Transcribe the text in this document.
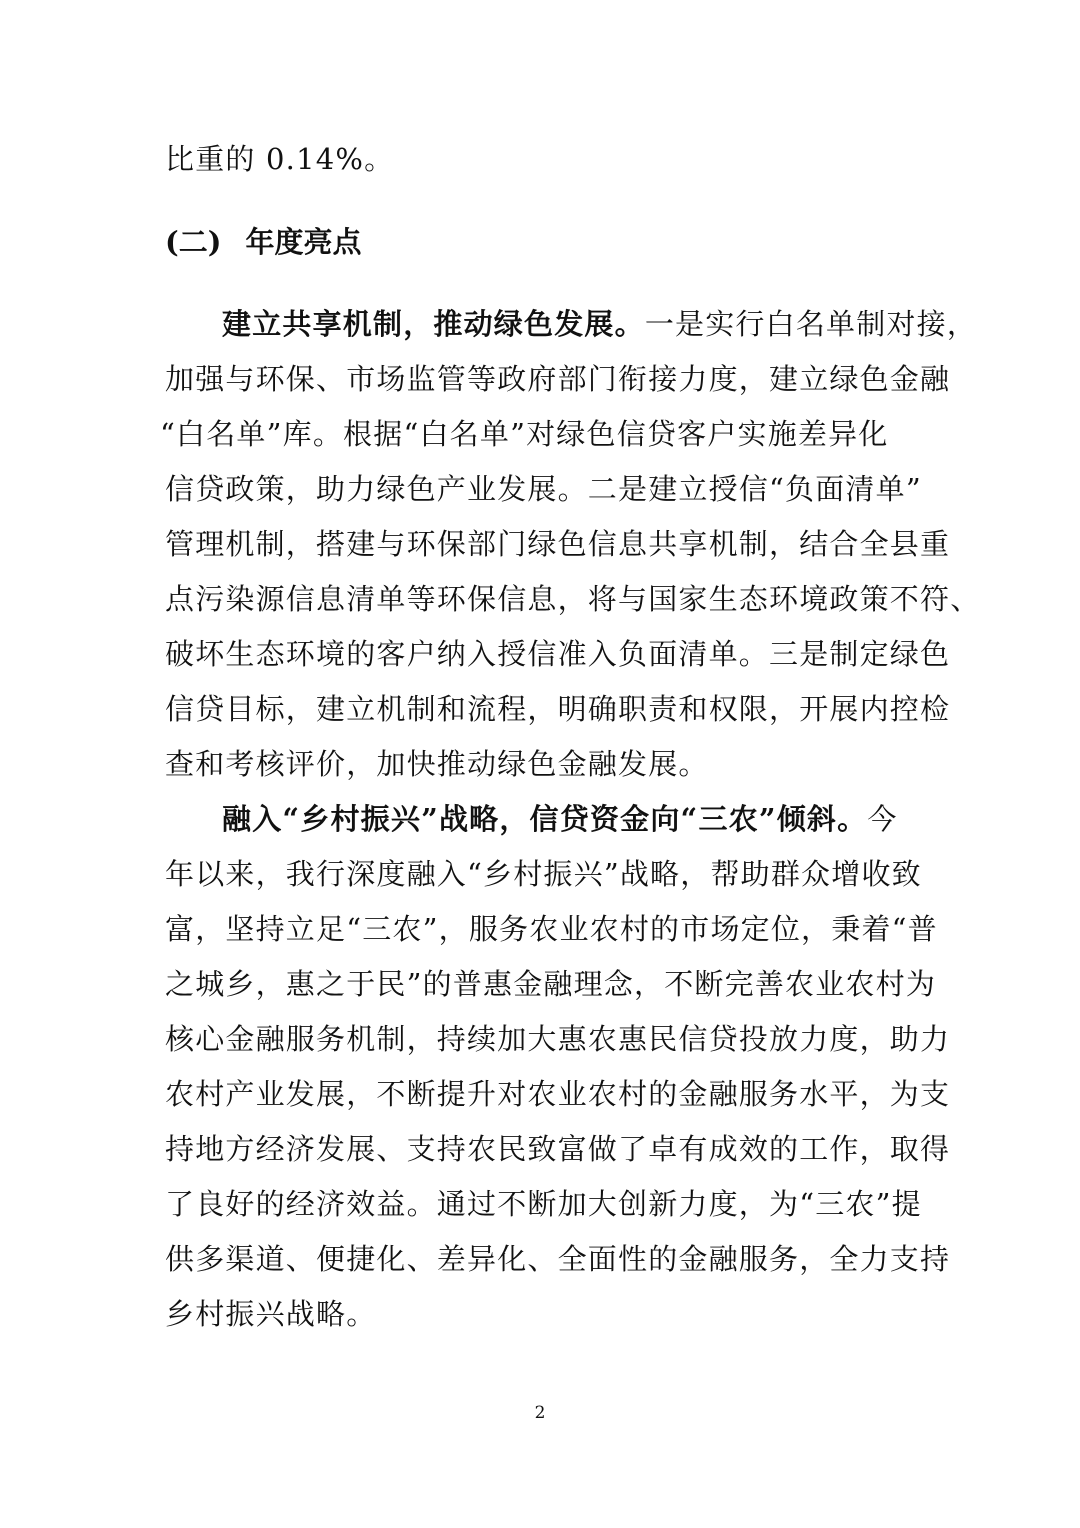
比重的 0.14%。
(二) 年度亮点
建立共享机制，推动绿色发展。一是实行白名单制对接，
加强与环保、市场监管等政府部门衔接力度，建立绿色金融
“白名单”库。根据“白名单”对绿色信贷客户实施差异化
信贷政策，助力绿色产业发展。二是建立授信“负面清单”
管理机制，搭建与环保部门绿色信息共享机制，结合全县重
点污染源信息清单等环保信息，将与国家生态环境政策不符、
破坏生态环境的客户纳入授信准入负面清单。三是制定绿色
信贷目标，建立机制和流程，明确职责和权限，开展内控检
查和考核评价，加快推动绿色金融发展。
融入“乡村振兴”战略，信贷资金向“三农”倾斜。今
年以来，我行深度融入“乡村振兴”战略，帮助群众增收致
富，坚持立足“三农”，服务农业农村的市场定位，秉着“普
之城乡，惠之于民”的普惠金融理念，不断完善农业农村为
核心金融服务机制，持续加大惠农惠民信贷投放力度，助力
农村产业发展，不断提升对农业农村的金融服务水平，为支
持地方经济发展、支持农民致富做了卓有成效的工作，取得
了良好的经济效益。通过不断加大创新力度，为“三农”提
供多渠道、便捷化、差异化、全面性的金融服务，全力支持
乡村振兴战略。
2
